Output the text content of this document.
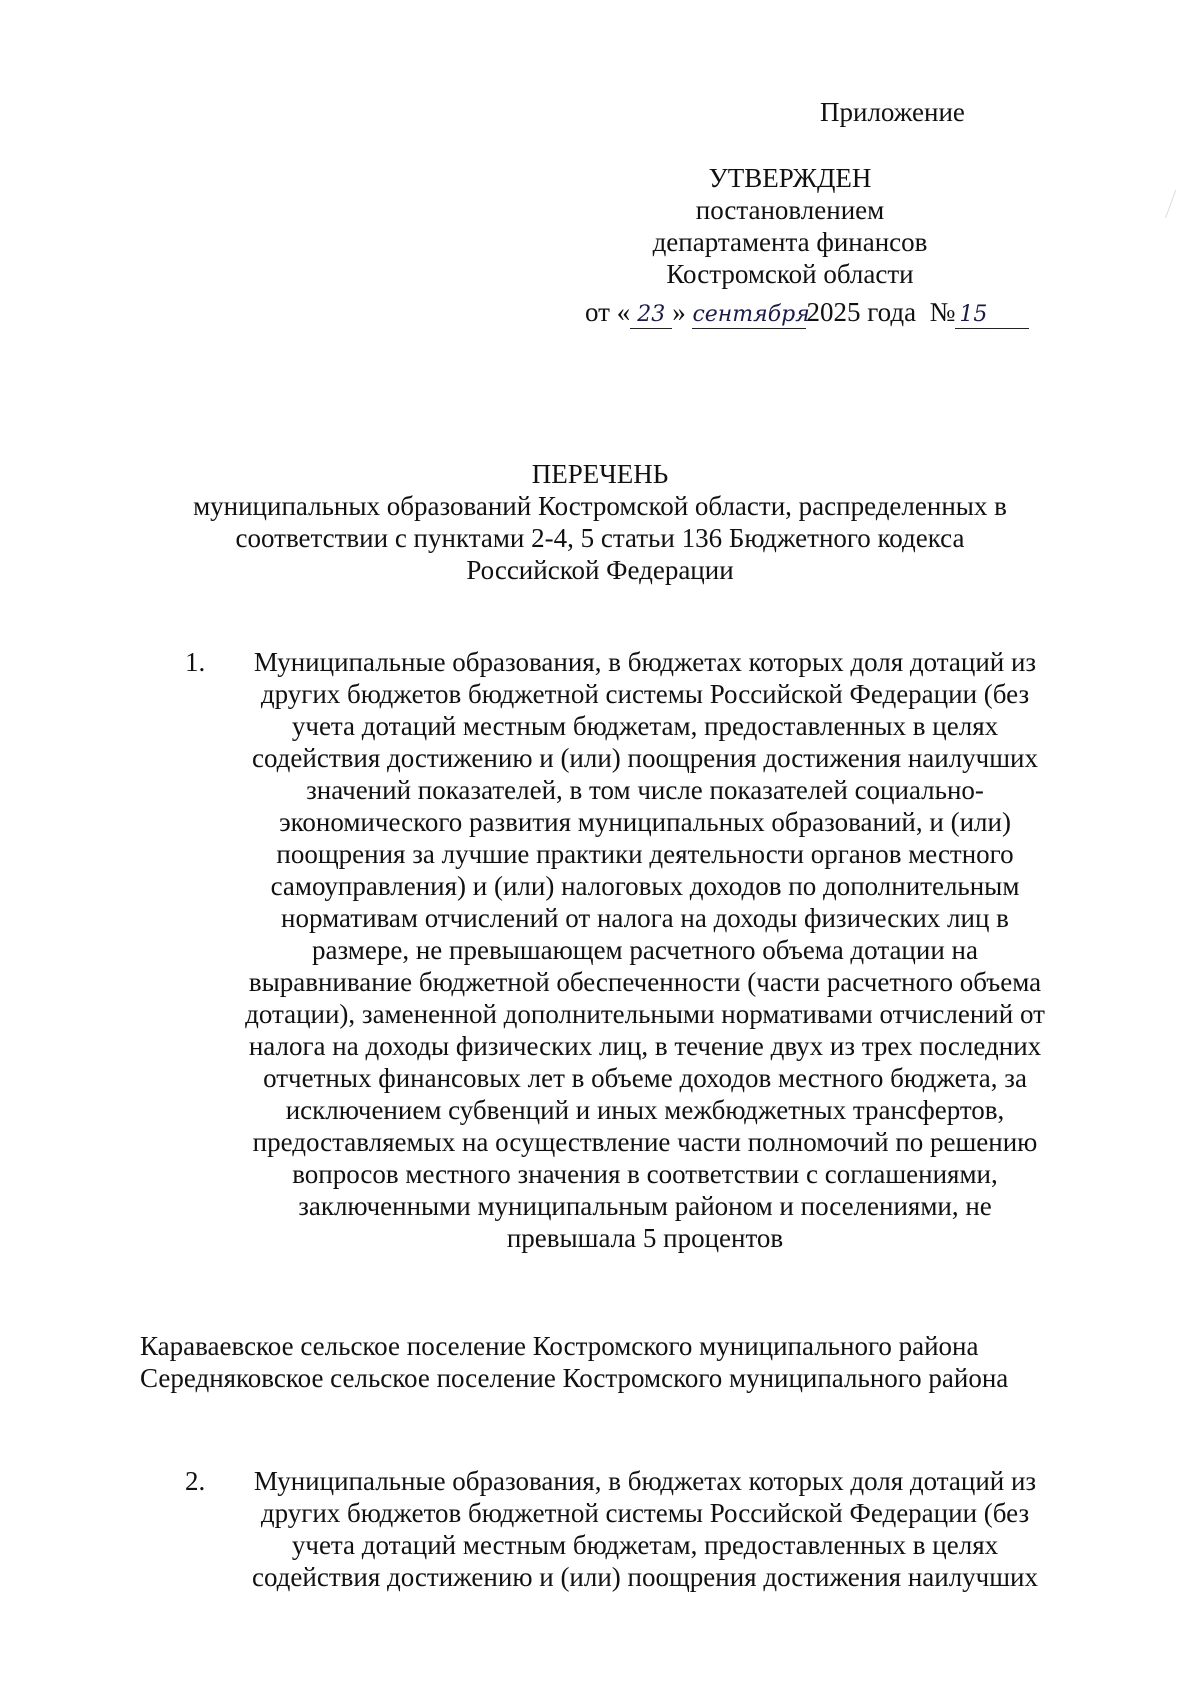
Приложение
УТВЕРЖДЕН
постановлением
департамента финансов
Костромской области
от « 23 » сентября2025 года № 15
ПЕРЕЧЕНЬ
муниципальных образований Костромской области, распределенных в
соответствии с пунктами 2-4, 5 статьи 136 Бюджетного кодекса
Российской Федерации
1.	Муниципальные образования, в бюджетах которых доля дотаций из
других бюджетов бюджетной системы Российской Федерации (без
учета дотаций местным бюджетам, предоставленных в целях
содействия достижению и (или) поощрения достижения наилучших
значений показателей, в том числе показателей социально-
экономического развития муниципальных образований, и (или)
поощрения за лучшие практики деятельности органов местного
самоуправления) и (или) налоговых доходов по дополнительным
нормативам отчислений от налога на доходы физических лиц в
размере, не превышающем расчетного объема дотации на
выравнивание бюджетной обеспеченности (части расчетного объема
дотации), замененной дополнительными нормативами отчислений от
налога на доходы физических лиц, в течение двух из трех последних
отчетных финансовых лет в объеме доходов местного бюджета, за
исключением субвенций и иных межбюджетных трансфертов,
предоставляемых на осуществление части полномочий по решению
вопросов местного значения в соответствии с соглашениями,
заключенными муниципальным районом и поселениями, не
превышала 5 процентов
Караваевское сельское поселение Костромского муниципального района
Середняковское сельское поселение Костромского муниципального района
2.	Муниципальные образования, в бюджетах которых доля дотаций из
других бюджетов бюджетной системы Российской Федерации (без
учета дотаций местным бюджетам, предоставленных в целях
содействия достижению и (или) поощрения достижения наилучших
